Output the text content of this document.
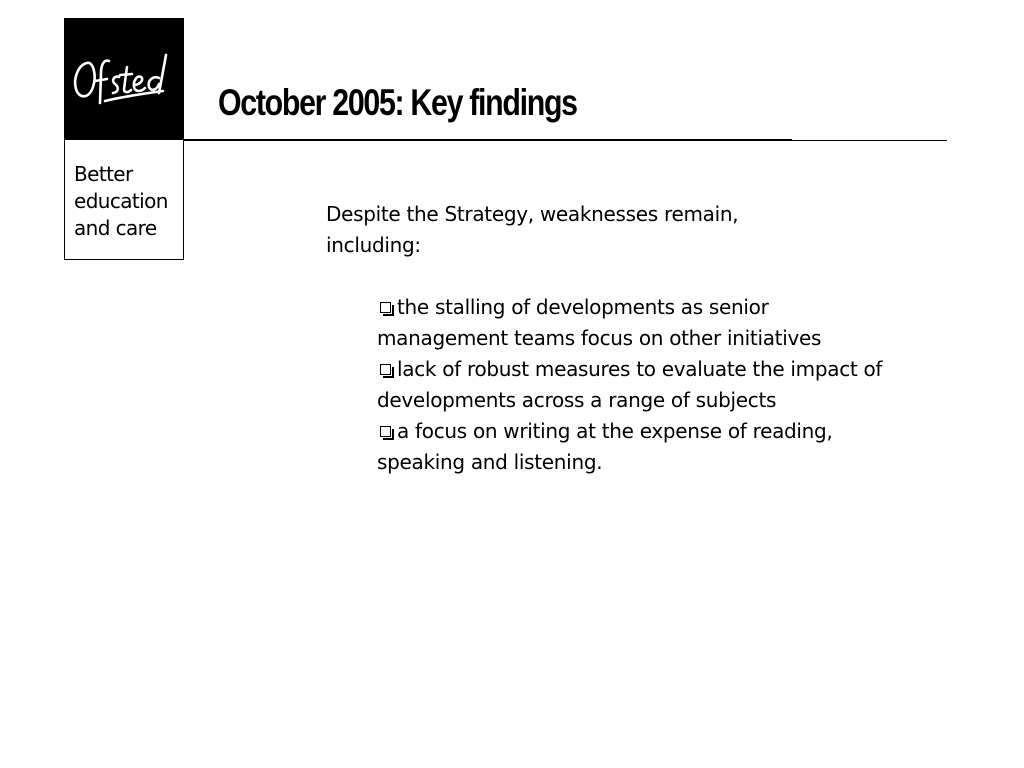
Better
education
and care
October 2005: Key findings

Despite the Strategy, weaknesses remain, including:

the stalling of developments as senior management teams focus on other initiatives
lack of robust measures to evaluate the impact of developments across a range of subjects
a focus on writing at the expense of reading, speaking and listening.
